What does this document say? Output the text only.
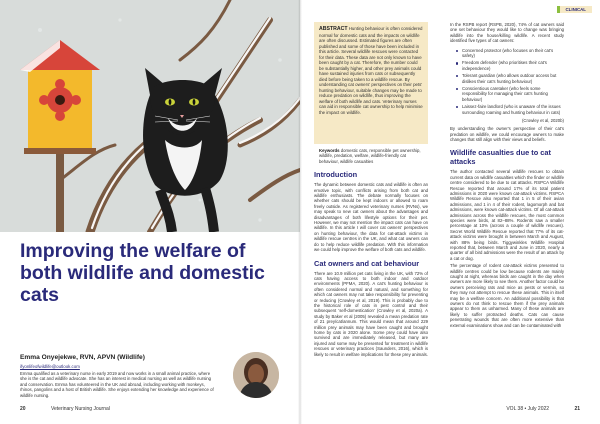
Improving the welfare of both wildlife and domestic cats
Emma Onyejekwe, RVN, APVN (Wildlife)
ifyonlifeofwildlife@outlook.com
Emma qualified as a veterinary nurse in early 2019 and now works in a small animal practice, where she is the cat and wildlife advocate. She has an interest in medical nursing as well as wildlife nursing and conservation. Emma has volunteered in the UK and abroad, including working with monkeys, rhinos, pangolins and a host of British wildlife. She enjoys extending her knowledge and experience of wildlife nursing.
20	Veterinary Nursing Journal
CLINICAL
ABSTRACT Hunting behaviour is often considered normal for domestic cats and the impacts on wildlife are often discussed. Estimated figures are often published and some of those have been included in this article. Several wildlife rescues were contacted for their data. These data are not only known to have been caught by a cat. Therefore, the number could be substantially higher, and other prey animals could have sustained injuries from cats or subsequently died before being taken to a wildlife rescue. By understanding cat owners' perspectives on their pets' hunting behaviour, suitable changes may be made to reduce predation on wildlife, thus improving the welfare of both wildlife and cats. Veterinary nurses can aid in responsible cat ownership to help minimise the impact on wildlife.
Keywords domestic cats, responsible pet ownership, wildlife, predation, welfare, wildlife-friendly cat behaviour, wildlife casualties
Introduction

The dynamic between domestic cats and wildlife is often an emotive topic, with conflicts arising from both cat and wildlife enthusiasts. The debate normally focuses on whether cats should be kept indoors or allowed to roam freely outside. As registered veterinary nurses (RVNs), we may speak to new cat owners about the advantages and disadvantages of both lifestyle options for their pet. However, we may not mention the impact cats can have on wildlife. In this article I will cover cat owners' perspectives on hunting behaviour, the data for cat-attack victims in wildlife rescue centres in the UK, and what cat owners can do to help reduce wildlife predation. With this information we could help improve the welfare of both cats and wildlife.

Cat owners and cat behaviour

There are 10.9 million pet cats living in the UK, with 72% of cats having access to both indoor and outdoor environments (PFMA, 2020). A cat's hunting behaviour is often considered normal and natural, and something for which cat owners may not take responsibility for preventing or reducing (Crowley et al, 2019). This is probably due to the historical role of cats in pest control and their subsequent 'self-domestication' (Crowley et al, 2020a). A study by Baker et al (2005) revealed a mean predation rate of 21 prey/cat/annum. This would mean that around 229 million prey animals may have been caught and brought home by cats in 2020 alone. Some prey could have also survived and are immediately released, but many are injured and some may be presented for treatment in wildlife rescues or veterinary practices (Saunders, 2016), which is likely to result in welfare implications for these prey animals.

In the RSPB report (RSPB, 2020), 74% of cat owners said one set behaviour they would like to change was bringing wildlife into the house/killing wildlife. A recent study identified five types of cat owners:

Concerned protector (who focuses on their cat's safety)
Freedom defender (who prioritises their cat's independence)
Tolerant guardian (who allows outdoor access but dislikes their cat's hunting behaviour)
Conscientious caretaker (who feels some responsibility for managing their cat's hunting behaviour)
Laissez-faire landlord (who is unaware of the issues surrounding roaming and hunting behaviour in cats)
(Crowley et al, 2020b)

By understanding the owner's perspective of their cat's predation on wildlife, we could encourage owners to make changes that still align with their views and beliefs.

Wildlife casualties due to cat attacks

The author contacted several wildlife rescues to obtain current data on wildlife casualties which the finder or wildlife centre considered to be due to cat attacks. RSPCA Wildlife Rescue reported that around 17% of its total patient admissions in 2020 were known cat-attack victims. RSPCA Wildlife Rescue also reported that 1 in 5 of their avian admissions, and 1 in 4 of their rodent, lagomorph and bat admissions, were known cat-attack victims. Of all cat-attack admissions across the wildlife rescues, the most common species were birds, at 82–88%. Rodents saw a smaller percentage at 10% (across a couple of wildlife rescues). Secret World Wildlife Rescue reported that 77% of its cat-attack victims were brought in between March and August, with 88% being birds. Tiggywinkles Wildlife Hospital reported that, between March and June in 2020, nearly a quarter of all bird admissions were the result of an attack by a cat or dog.

The percentage of rodent cat-attack victims presented to wildlife centres could be low because rodents are mainly caught at night, whereas birds are caught in the day when owners are more likely to see them. Another factor could be owners perceiving rats and mice as pests or vermin, so they may not attempt to rescue these animals. This in itself may be a welfare concern. An additional possibility is that owners do not think to rescue them if the prey animals appear to them as unharmed. Many of these animals are likely to suffer protracted deaths. Cats can cause penetrating wounds that are often more extensive than external examinations show and can be contaminated with

VOL 38 • July 2022	21
